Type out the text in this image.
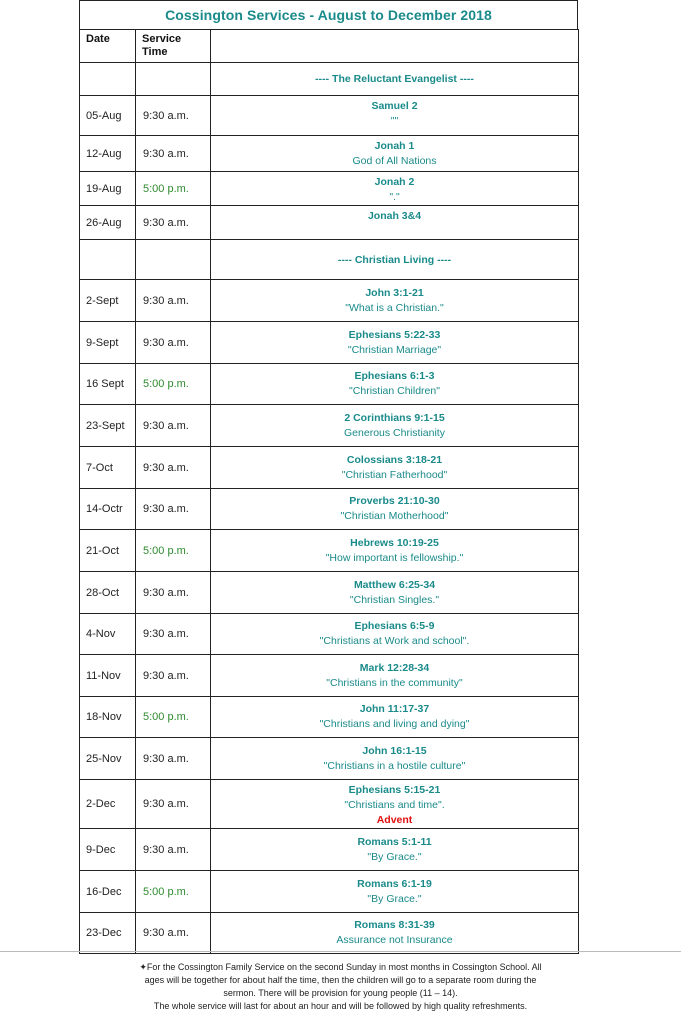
Cossington Services - August to December 2018
Date	Service
Time	

		---- The Reluctant Evangelist ----
05-Aug	9:30 a.m.	Samuel 2
""

12-Aug	9:30 a.m.	Jonah 1
God of All Nations

19-Aug	5:00 p.m.	Jonah 2
"."

26-Aug	9:30 a.m.	Jonah 3&4

		---- Christian Living ----
2-Sept	9:30 a.m.	John 3:1-21
"What is a Christian."

9-Sept	9:30 a.m.	Ephesians 5:22-33
"Christian Marriage"

16 Sept	5:00 p.m.	Ephesians 6:1-3
"Christian Children"

23-Sept	9:30 a.m.	2 Corinthians 9:1-15
Generous Christianity

7-Oct	9:30 a.m.	Colossians 3:18-21
"Christian Fatherhood"

14-Octr	9:30 a.m.	Proverbs 21:10-30
"Christian Motherhood"

21-Oct	5:00 p.m.	Hebrews 10:19-25
"How important is fellowship."

28-Oct	9:30 a.m.	Matthew 6:25-34
"Christian Singles."

4-Nov	9:30 a.m.	Ephesians 6:5-9
"Christians at Work and school".

11-Nov	9:30 a.m.	Mark 12:28-34
"Christians in the community"

18-Nov	5:00 p.m.	John 11:17-37
"Christians and living and dying"

25-Nov	9:30 a.m.	John 16:1-15
"Christians in a hostile culture"

2-Dec	9:30 a.m.	Ephesians 5:15-21
"Christians and time".
Advent

9-Dec	9:30 a.m.	Romans 5:1-11
"By Grace."

16-Dec	5:00 p.m.	Romans 6:1-19
"By Grace."

23-Dec	9:30 a.m.	Romans 8:31-39
Assurance not Insurance
✦For the Cossington Family Service on the second Sunday in most months in Cossington School. All
ages will be together for about half the time, then the children will go to a separate room during the
sermon. There will be provision for young people (11 – 14).
The whole service will last for about an hour and will be followed by high quality refreshments.
